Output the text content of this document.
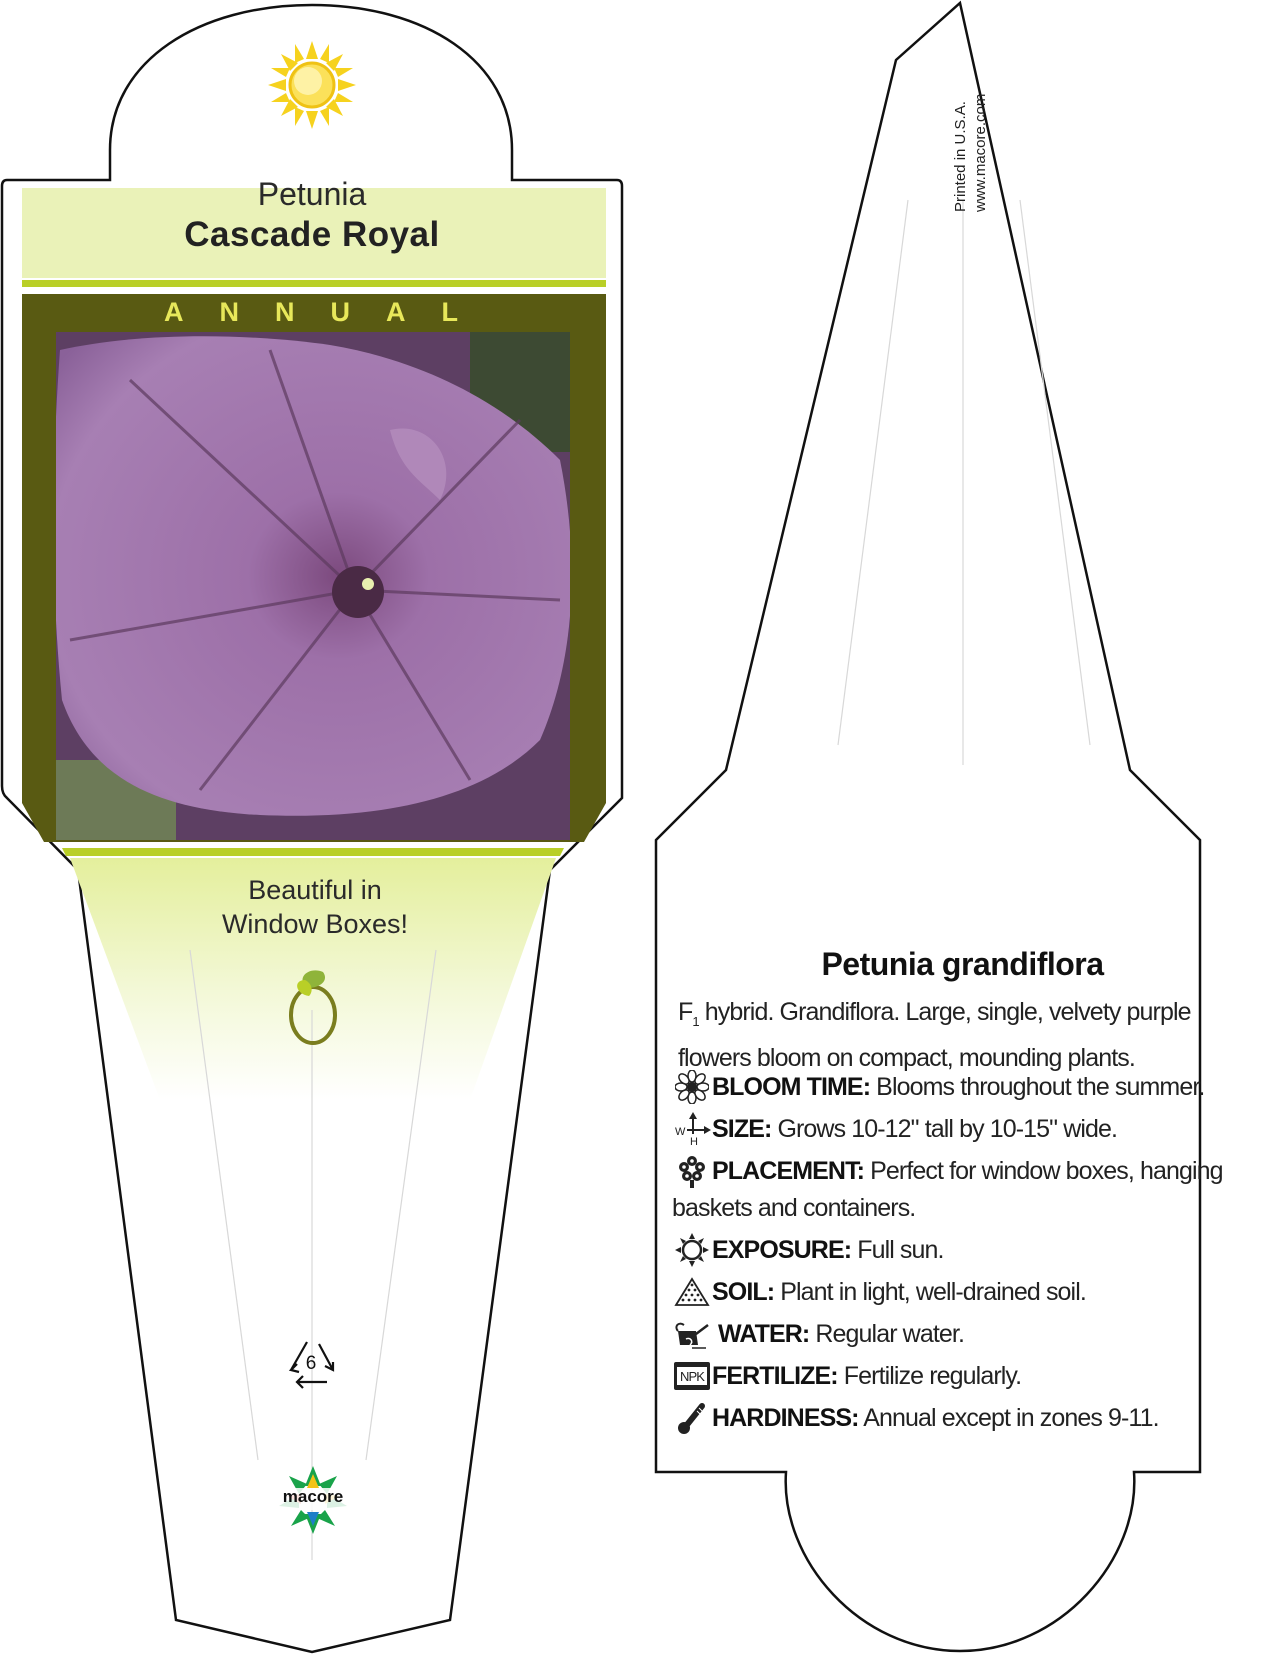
Petunia
Cascade Royal
ANNUAL
Beautiful in
Window Boxes!
6
macore
Printed in U.S.A. www.macore.com
Petunia grandiflora
$F_1$ hybrid. Grandiflora. Large, single, velvety purple
flowers bloom on compact, mounding plants.
BLOOM TIME: Blooms throughout the summer.
W
H SIZE: Grows 10-12" tall by 10-15" wide.
PLACEMENT: Perfect for window boxes, hanging
baskets and containers.
EXPOSURE: Full sun.
SOIL: Plant in light, well-drained soil.
WATER: Regular water.
NPK FERTILIZE: Fertilize regularly.
HARDINESS: Annual except in zones 9-11.
